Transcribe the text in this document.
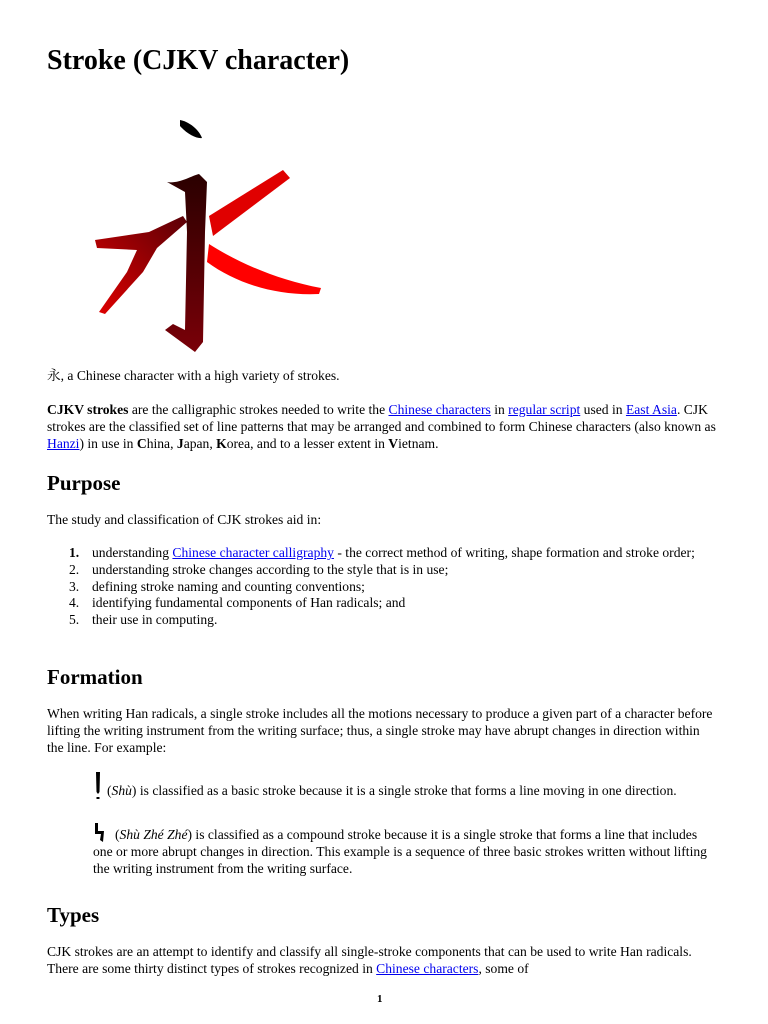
Stroke (CJKV character)

永, a Chinese character with a high variety of strokes.

CJKV strokes are the calligraphic strokes needed to write the Chinese characters in regular script used in East Asia. CJK strokes are the classified set of line patterns that may be arranged and combined to form Chinese characters (also known as Hanzi) in use in China, Japan, Korea, and to a lesser extent in Vietnam.

Purpose

The study and classification of CJK strokes aid in:

1. understanding Chinese character calligraphy - the correct method of writing, shape formation and stroke order;
2. understanding stroke changes according to the style that is in use;
3. defining stroke naming and counting conventions;
4. identifying fundamental components of Han radicals; and
5. their use in computing.
Formation

When writing Han radicals, a single stroke includes all the motions necessary to produce a given part of a character before lifting the writing instrument from the writing surface; thus, a single stroke may have abrupt changes in direction within the line. For example:

(Shù) is classified as a basic stroke because it is a single stroke that forms a line moving in one direction.
(Shù Zhé Zhé) is classified as a compound stroke because it is a single stroke that forms a line that includes one or more abrupt changes in direction. This example is a sequence of three basic strokes written without lifting the writing instrument from the writing surface.
Types

CJK strokes are an attempt to identify and classify all single-stroke components that can be used to write Han radicals. There are some thirty distinct types of strokes recognized in Chinese characters, some of

1
